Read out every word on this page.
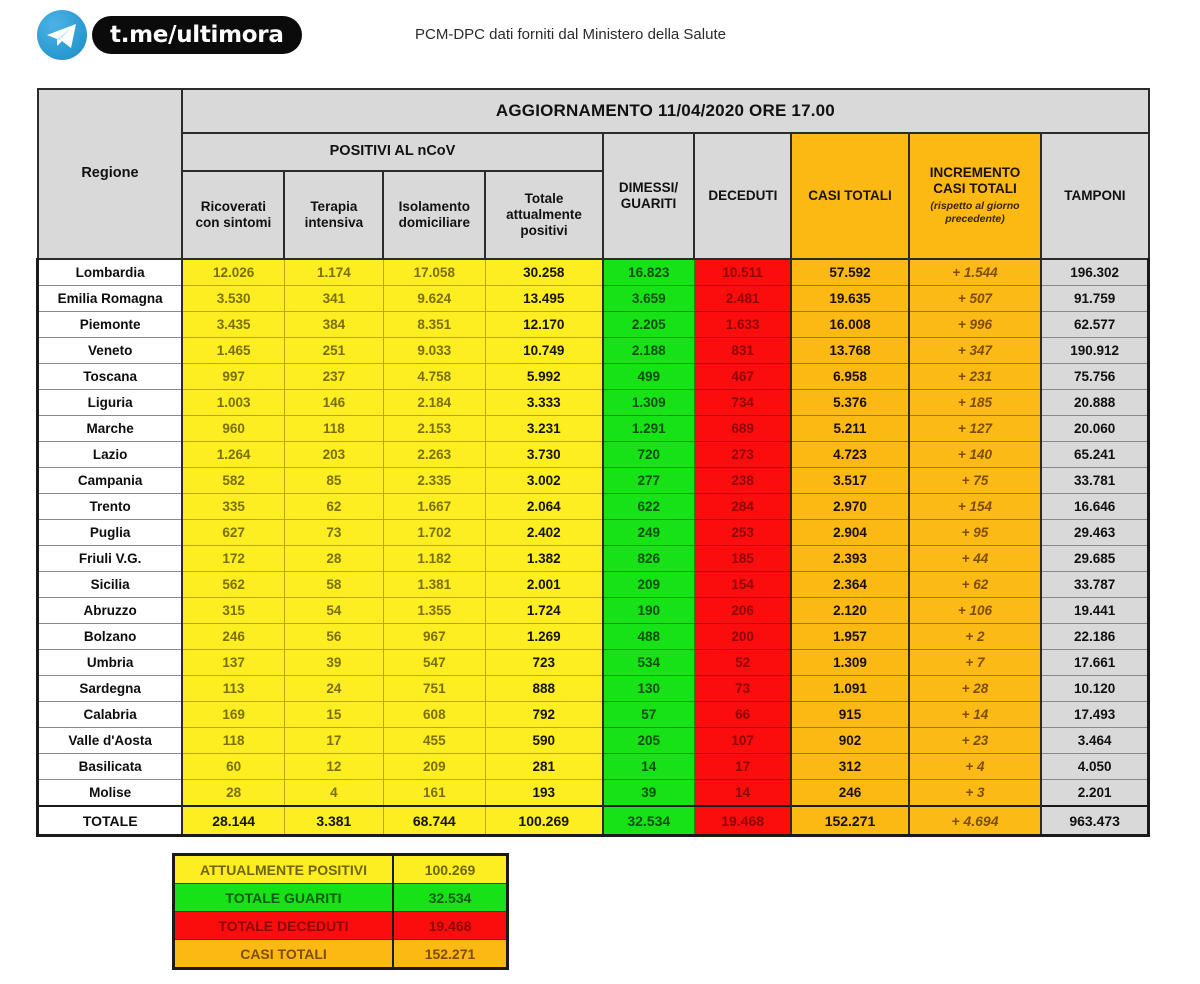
t.me/ultimora	PCM-DPC dati forniti dal Ministero della Salute
Regione	AGGIORNAMENTO 11/04/2020 ORE 17.00								
	POSITIVI AL nCoV				DIMESSI/
GUARITI	DECEDUTI	CASI TOTALI	INCREMENTO
CASI TOTALI
(rispetto al giorno precedente)	TAMPONI
	Ricoverati
con sintomi	Terapia
intensiva	Isolamento
domiciliare	Totale
attualmente
positivi					
Lombardia	12.026	1.174	17.058	30.258	16.823	10.511	57.592	+ 1.544	196.302
Emilia Romagna	3.530	341	9.624	13.495	3.659	2.481	19.635	+ 507	91.759
Piemonte	3.435	384	8.351	12.170	2.205	1.633	16.008	+ 996	62.577
Veneto	1.465	251	9.033	10.749	2.188	831	13.768	+ 347	190.912
Toscana	997	237	4.758	5.992	499	467	6.958	+ 231	75.756
Liguria	1.003	146	2.184	3.333	1.309	734	5.376	+ 185	20.888
Marche	960	118	2.153	3.231	1.291	689	5.211	+ 127	20.060
Lazio	1.264	203	2.263	3.730	720	273	4.723	+ 140	65.241
Campania	582	85	2.335	3.002	277	238	3.517	+ 75	33.781
Trento	335	62	1.667	2.064	622	284	2.970	+ 154	16.646
Puglia	627	73	1.702	2.402	249	253	2.904	+ 95	29.463
Friuli V.G.	172	28	1.182	1.382	826	185	2.393	+ 44	29.685
Sicilia	562	58	1.381	2.001	209	154	2.364	+ 62	33.787
Abruzzo	315	54	1.355	1.724	190	206	2.120	+ 106	19.441
Bolzano	246	56	967	1.269	488	200	1.957	+ 2	22.186
Umbria	137	39	547	723	534	52	1.309	+ 7	17.661
Sardegna	113	24	751	888	130	73	1.091	+ 28	10.120
Calabria	169	15	608	792	57	66	915	+ 14	17.493
Valle d'Aosta	118	17	455	590	205	107	902	+ 23	3.464
Basilicata	60	12	209	281	14	17	312	+ 4	4.050
Molise	28	4	161	193	39	14	246	+ 3	2.201
TOTALE	28.144	3.381	68.744	100.269	32.534	19.468	152.271	+ 4.694	963.473
ATTUALMENTE POSITIVI	100.269
TOTALE GUARITI	32.534
TOTALE DECEDUTI	19.468
CASI TOTALI	152.271
